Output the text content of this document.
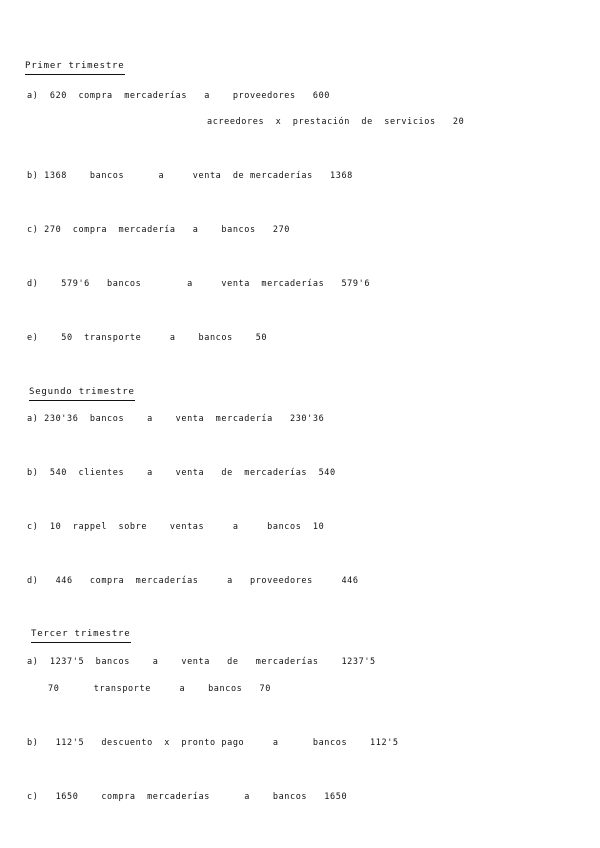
Primer trimestre
a)  620  compra  mercaderías   a    proveedores   600
acreedores  x  prestación  de  servicios   20
b) 1368    bancos      a     venta  de mercaderías   1368
c) 270  compra  mercadería   a    bancos   270
d)    579'6   bancos        a     venta  mercaderías   579'6
e)    50  transporte     a    bancos    50
Segundo trimestre
a) 230'36  bancos    a    venta  mercadería   230'36
b)  540  clientes    a    venta   de  mercaderías  540
c)  10  rappel  sobre    ventas     a     bancos  10
d)   446   compra  mercaderías     a   proveedores     446
Tercer trimestre
a)  1237'5  bancos    a    venta   de   mercaderías    1237'5
70      transporte     a    bancos   70
b)   112'5   descuento  x  pronto pago     a      bancos    112'5
c)   1650    compra  mercaderías      a    bancos   1650
